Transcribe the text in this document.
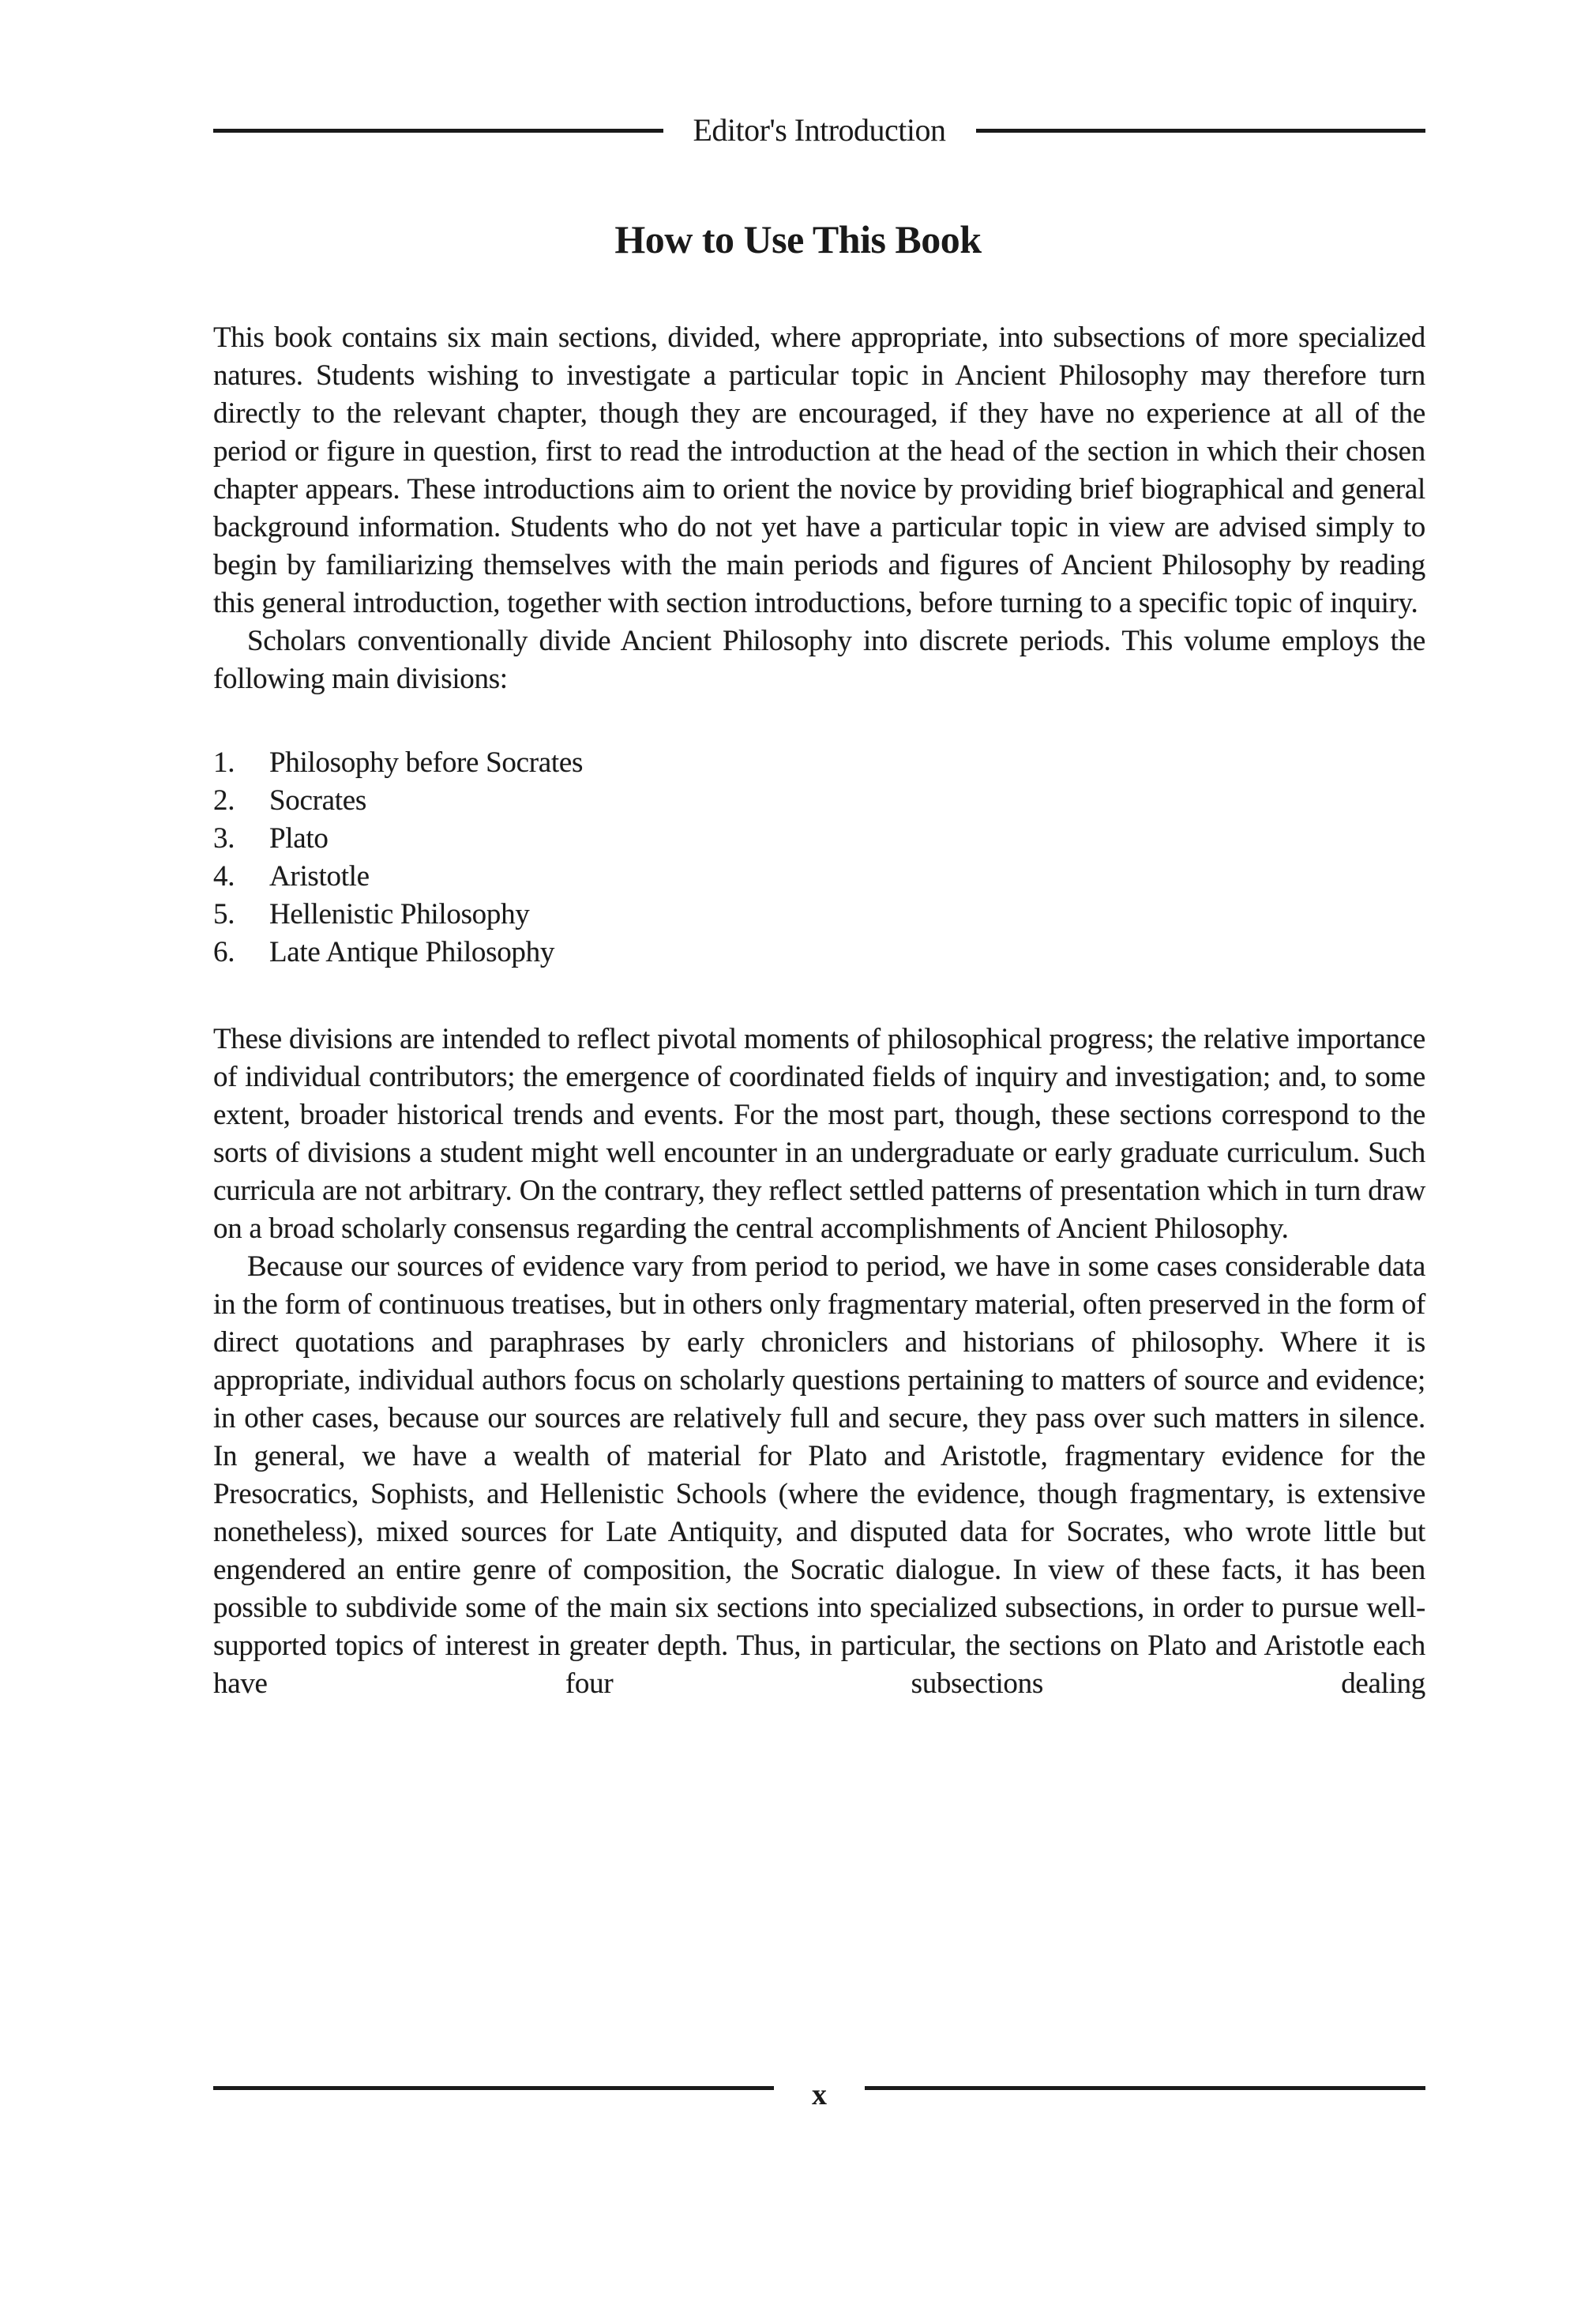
Editor's Introduction
How to Use This Book

This book contains six main sections, divided, where appropriate, into subsections of more specialized natures. Students wishing to investigate a particular topic in Ancient Philosophy may therefore turn directly to the relevant chapter, though they are encouraged, if they have no experience at all of the period or figure in question, first to read the introduction at the head of the section in which their chosen chapter appears. These introductions aim to orient the novice by providing brief biographical and general background information. Students who do not yet have a particular topic in view are advised simply to begin by familiarizing themselves with the main periods and figures of Ancient Philosophy by reading this general introduction, together with section introductions, before turning to a specific topic of inquiry.

Scholars conventionally divide Ancient Philosophy into discrete periods. This volume employs the following main divisions:

1.	Philosophy before Socrates
2.	Socrates
3.	Plato
4.	Aristotle
5.	Hellenistic Philosophy
6.	Late Antique Philosophy

These divisions are intended to reflect pivotal moments of philosophical progress; the relative importance of individual contributors; the emergence of coordinated fields of inquiry and investigation; and, to some extent, broader historical trends and events. For the most part, though, these sections correspond to the sorts of divisions a student might well encounter in an undergraduate or early graduate curriculum. Such curricula are not arbitrary. On the contrary, they reflect settled patterns of presentation which in turn draw on a broad scholarly consensus regarding the central accomplishments of Ancient Philosophy.

Because our sources of evidence vary from period to period, we have in some cases considerable data in the form of continuous treatises, but in others only fragmentary material, often preserved in the form of direct quotations and paraphrases by early chroniclers and historians of philosophy. Where it is appropriate, individual authors focus on scholarly questions pertaining to matters of source and evidence; in other cases, because our sources are relatively full and secure, they pass over such matters in silence. In general, we have a wealth of material for Plato and Aristotle, fragmentary evidence for the Presocratics, Sophists, and Hellenistic Schools (where the evidence, though fragmentary, is extensive nonetheless), mixed sources for Late Antiquity, and disputed data for Socrates, who wrote little but engendered an entire genre of composition, the Socratic dialogue. In view of these facts, it has been possible to subdivide some of the main six sections into specialized subsections, in order to pursue well-supported topics of interest in greater depth. Thus, in particular, the sections on Plato and Aristotle each have four subsections dealing

x
